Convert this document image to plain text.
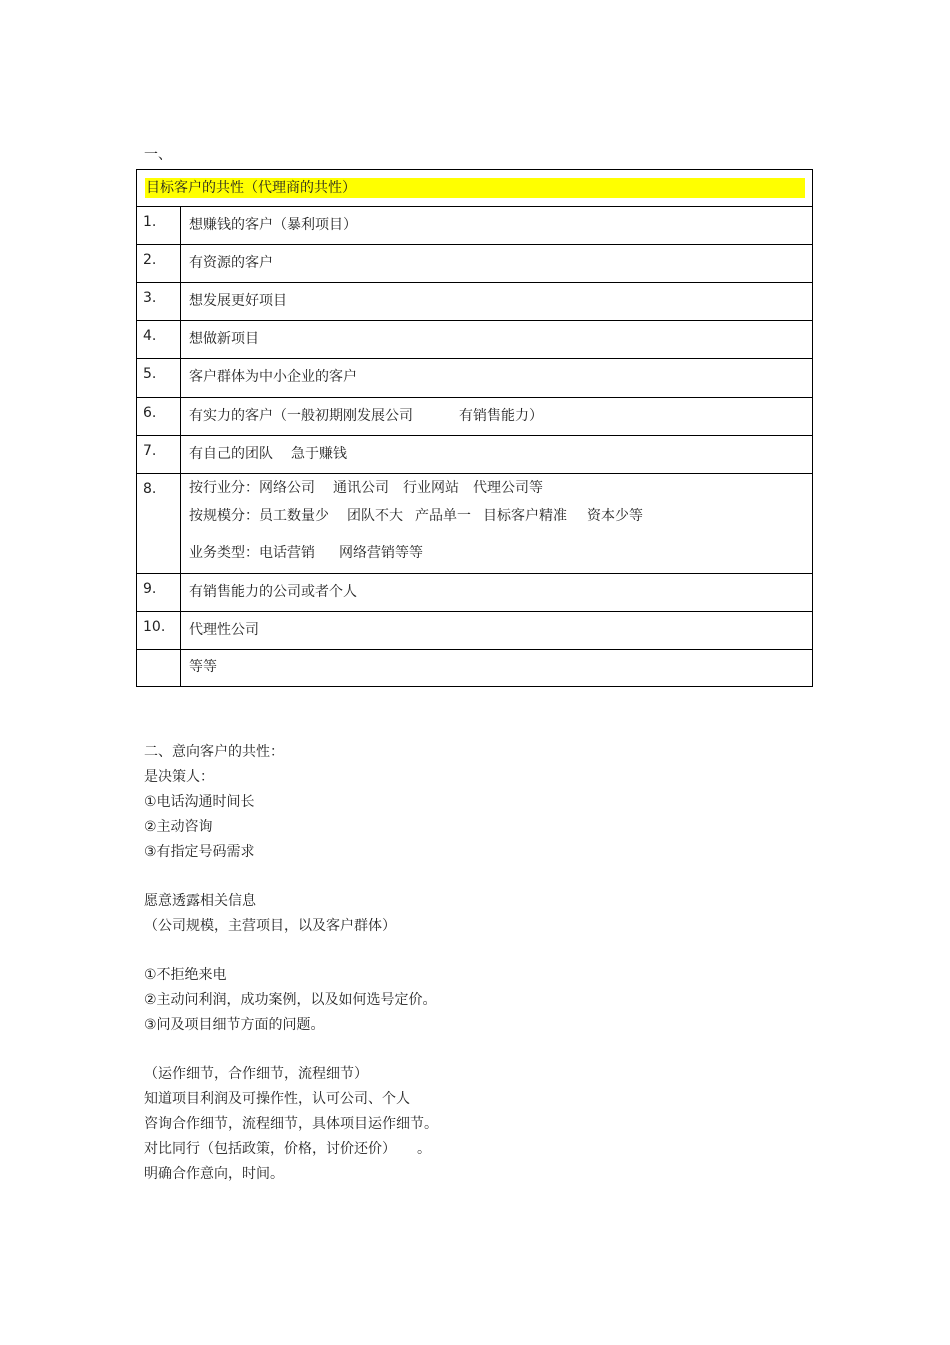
一、
目标客户的共性（代理商的共性）
1. 想赚钱的客户（暴利项目）
2. 有资源的客户
3. 想发展更好项目
4. 想做新项目
5. 客户群体为中小企业的客户
6. 有实力的客户（一般初期刚发展公司	有销售能力）
7. 有自己的团队 急于赚钱
8. 按行业分：网络公司 通讯公司 行业网站 代理公司等
按规模分：员工数量少 团队不大 产品单一 目标客户精准 资本少等
业务类型：电话营销 网络营销等等
9. 有销售能力的公司或者个人
10. 代理性公司
等等
二、意向客户的共性：
是决策人：
①电话沟通时间长
②主动咨询
③有指定号码需求
愿意透露相关信息
（公司规模，主营项目，以及客户群体）
①不拒绝来电
②主动问利润，成功案例，以及如何选号定价。
③问及项目细节方面的问题。
（运作细节，合作细节，流程细节）
知道项目利润及可操作性，认可公司、个人
咨询合作细节，流程细节，具体项目运作细节。
对比同行（包括政策，价格，讨价还价） 。
明确合作意向，时间。
